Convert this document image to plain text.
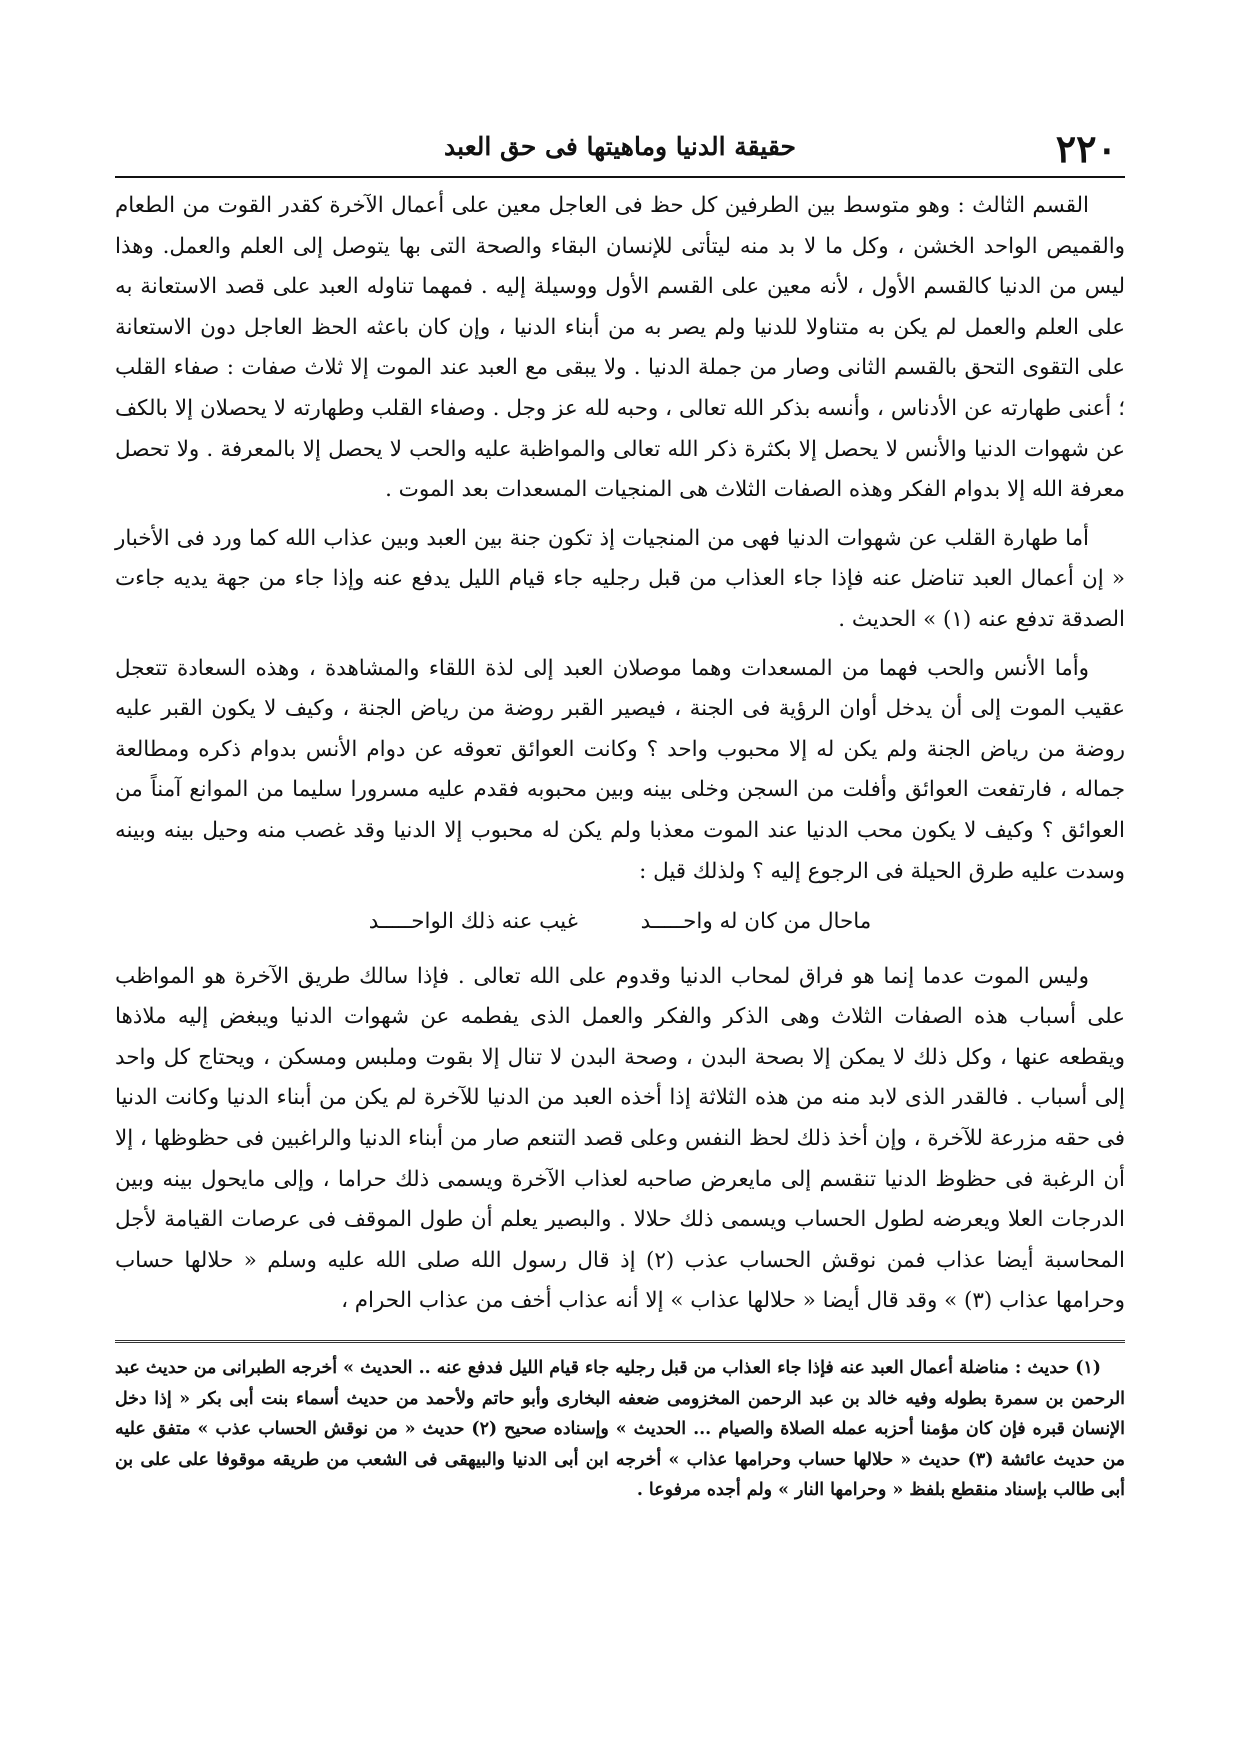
٢٢٠
حقيقة الدنيا وماهيتها فى حق العبد

القسم الثالث : وهو متوسط بين الطرفين كل حظ فى العاجل معين على أعمال الآخرة كقدر القوت من الطعام والقميص الواحد الخشن ، وكل ما لا بد منه ليتأتى للإنسان البقاء والصحة التى بها يتوصل إلى العلم والعمل. وهذا ليس من الدنيا كالقسم الأول ، لأنه معين على القسم الأول ووسيلة إليه . فمهما تناوله العبد على قصد الاستعانة به على العلم والعمل لم يكن به متناولا للدنيا ولم يصر به من أبناء الدنيا ، وإن كان باعثه الحظ العاجل دون الاستعانة على التقوى التحق بالقسم الثانى وصار من جملة الدنيا . ولا يبقى مع العبد عند الموت إلا ثلاث صفات : صفاء القلب ؛ أعنى طهارته عن الأدناس ، وأنسه بذكر الله تعالى ، وحبه لله عز وجل . وصفاء القلب وطهارته لا يحصلان إلا بالكف عن شهوات الدنيا والأنس لا يحصل إلا بكثرة ذكر الله تعالى والمواظبة عليه والحب لا يحصل إلا بالمعرفة . ولا تحصل معرفة الله إلا بدوام الفكر وهذه الصفات الثلاث هى المنجيات المسعدات بعد الموت .

أما طهارة القلب عن شهوات الدنيا فهى من المنجيات إذ تكون جنة بين العبد وبين عذاب الله كما ورد فى الأخبار « إن أعمال العبد تناضل عنه فإذا جاء العذاب من قبل رجليه جاء قيام الليل يدفع عنه وإذا جاء من جهة يديه جاءت الصدقة تدفع عنه (١) » الحديث .

وأما الأنس والحب فهما من المسعدات وهما موصلان العبد إلى لذة اللقاء والمشاهدة ، وهذه السعادة تتعجل عقيب الموت إلى أن يدخل أوان الرؤية فى الجنة ، فيصير القبر روضة من رياض الجنة ، وكيف لا يكون القبر عليه روضة من رياض الجنة ولم يكن له إلا محبوب واحد ؟ وكانت العوائق تعوقه عن دوام الأنس بدوام ذكره ومطالعة جماله ، فارتفعت العوائق وأفلت من السجن وخلى بينه وبين محبوبه فقدم عليه مسرورا سليما من الموانع آمناً من العوائق ؟ وكيف لا يكون محب الدنيا عند الموت معذبا ولم يكن له محبوب إلا الدنيا وقد غصب منه وحيل بينه وبينه وسدت عليه طرق الحيلة فى الرجوع إليه ؟ ولذلك قيل :

ماحال من كان له واحـــــد غيب عنه ذلك الواحـــــد

وليس الموت عدما إنما هو فراق لمحاب الدنيا وقدوم على الله تعالى . فإذا سالك طريق الآخرة هو المواظب على أسباب هذه الصفات الثلاث وهى الذكر والفكر والعمل الذى يفطمه عن شهوات الدنيا ويبغض إليه ملاذها ويقطعه عنها ، وكل ذلك لا يمكن إلا بصحة البدن ، وصحة البدن لا تنال إلا بقوت وملبس ومسكن ، ويحتاج كل واحد إلى أسباب . فالقدر الذى لابد منه من هذه الثلاثة إذا أخذه العبد من الدنيا للآخرة لم يكن من أبناء الدنيا وكانت الدنيا فى حقه مزرعة للآخرة ، وإن أخذ ذلك لحظ النفس وعلى قصد التنعم صار من أبناء الدنيا والراغبين فى حظوظها ، إلا أن الرغبة فى حظوظ الدنيا تنقسم إلى مايعرض صاحبه لعذاب الآخرة ويسمى ذلك حراما ، وإلى مايحول بينه وبين الدرجات العلا ويعرضه لطول الحساب ويسمى ذلك حلالا . والبصير يعلم أن طول الموقف فى عرصات القيامة لأجل المحاسبة أيضا عذاب فمن نوقش الحساب عذب (٢) إذ قال رسول الله صلى الله عليه وسلم « حلالها حساب وحرامها عذاب (٣) » وقد قال أيضا « حلالها عذاب » إلا أنه عذاب أخف من عذاب الحرام ،

(١) حديث : مناضلة أعمال العبد عنه فإذا جاء العذاب من قبل رجليه جاء قيام الليل فدفع عنه .. الحديث » أخرجه الطبرانى من حديث عبد الرحمن بن سمرة بطوله وفيه خالد بن عبد الرحمن المخزومى ضعفه البخارى وأبو حاتم ولأحمد من حديث أسماء بنت أبى بكر « إذا دخل الإنسان قبره فإن كان مؤمنا أحزبه عمله الصلاة والصيام ... الحديث » وإسناده صحيح (٢) حديث « من نوقش الحساب عذب » متفق عليه من حديث عائشة (٣) حديث « حلالها حساب وحرامها عذاب » أخرجه ابن أبى الدنيا والبيهقى فى الشعب من طريقه موقوفا على على بن أبى طالب بإسناد منقطع بلفظ « وحرامها النار » ولم أجده مرفوعا .
